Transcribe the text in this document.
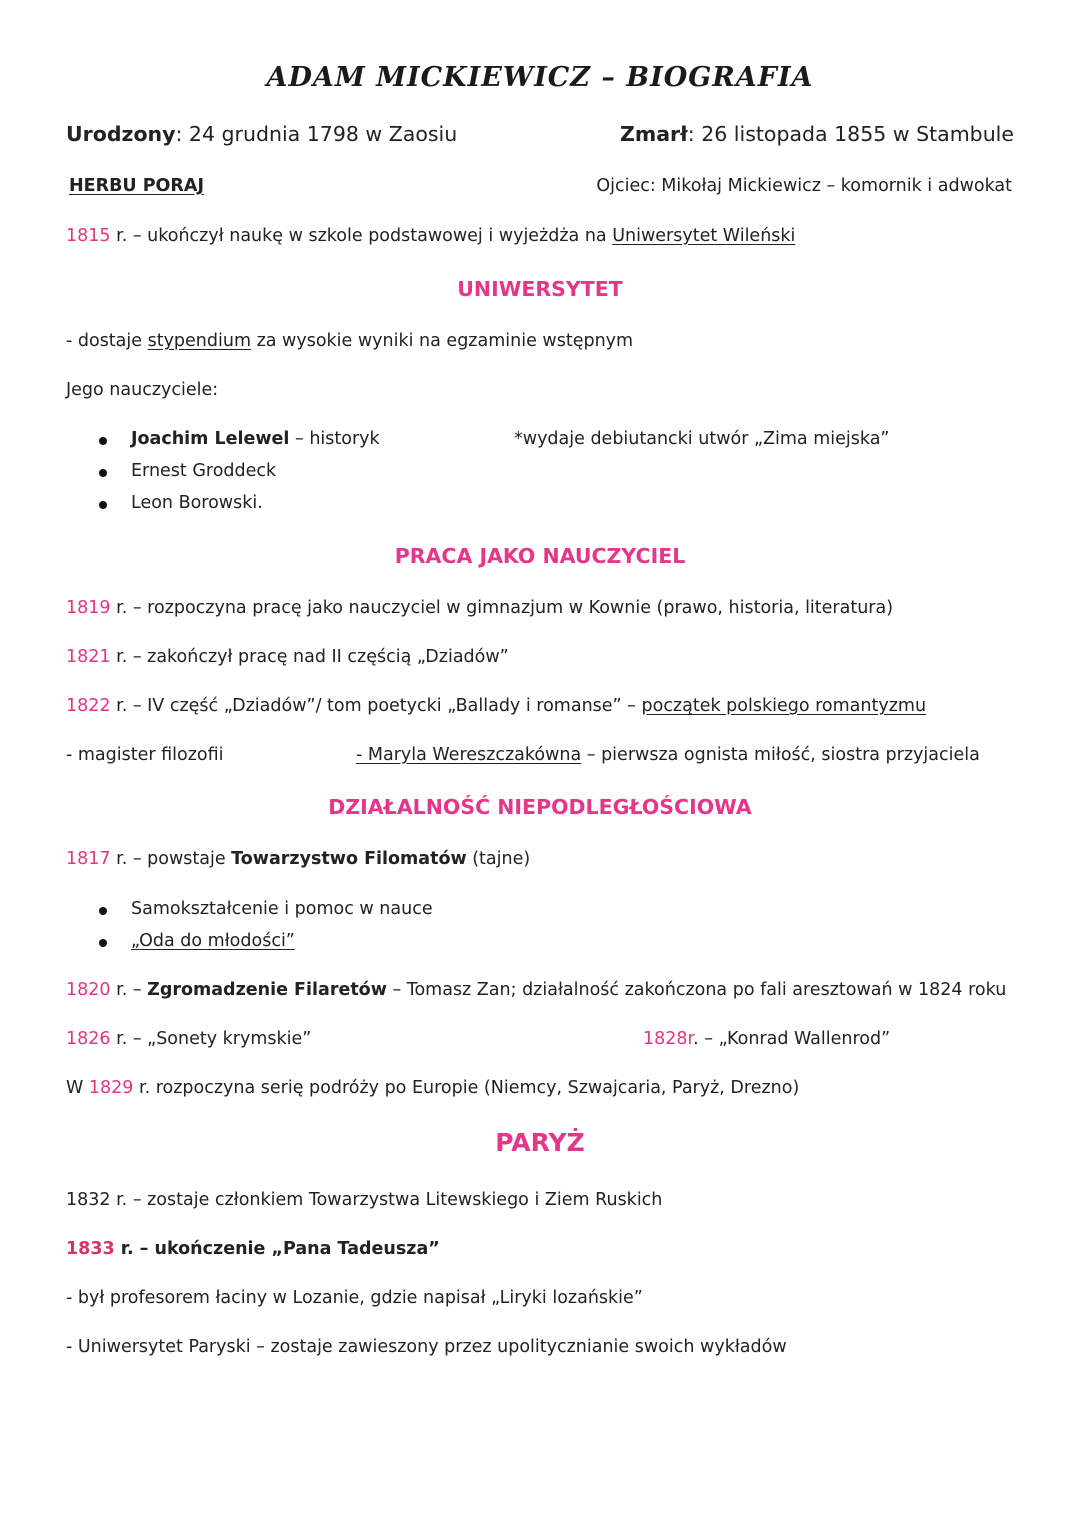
ADAM MICKIEWICZ – BIOGRAFIA
Urodzony: 24 grudnia 1798 w Zaosiu	Zmarł: 26 listopada 1855 w Stambule
HERBU PORAJ	Ojciec: Mikołaj Mickiewicz – komornik i adwokat
1815 r. – ukończył naukę w szkole podstawowej i wyjeżdża na Uniwersytet Wileński
UNIWERSYTET
- dostaje stypendium za wysokie wyniki na egzaminie wstępnym
Jego nauczyciele:
Joachim Lelewel – historyk
Ernest Groddeck
Leon Borowski.
*wydaje debiutancki utwór „Zima miejska”
PRACA JAKO NAUCZYCIEL
1819 r. – rozpoczyna pracę jako nauczyciel w gimnazjum w Kownie (prawo, historia, literatura)
1821 r. – zakończył pracę nad II częścią „Dziadów”
1822 r. – IV część „Dziadów”/ tom poetycki „Ballady i romanse” – początek polskiego romantyzmu
- magister filozofii	- Maryla Wereszczakówna – pierwsza ognista miłość, siostra przyjaciela
DZIAŁALNOŚĆ NIEPODLEGŁOŚCIOWA
1817 r. – powstaje Towarzystwo Filomatów (tajne)
Samokształcenie i pomoc w nauce
„Oda do młodości”
1820 r. – Zgromadzenie Filaretów – Tomasz Zan; działalność zakończona po fali aresztowań w 1824 roku
1826 r. – „Sonety krymskie”	1828r. – „Konrad Wallenrod”
W 1829 r. rozpoczyna serię podróży po Europie (Niemcy, Szwajcaria, Paryż, Drezno)
PARYŻ
1832 r. – zostaje członkiem Towarzystwa Litewskiego i Ziem Ruskich
1833 r. – ukończenie „Pana Tadeusza”
- był profesorem łaciny w Lozanie, gdzie napisał „Liryki lozańskie”
- Uniwersytet Paryski – zostaje zawieszony przez upolitycznianie swoich wykładów
